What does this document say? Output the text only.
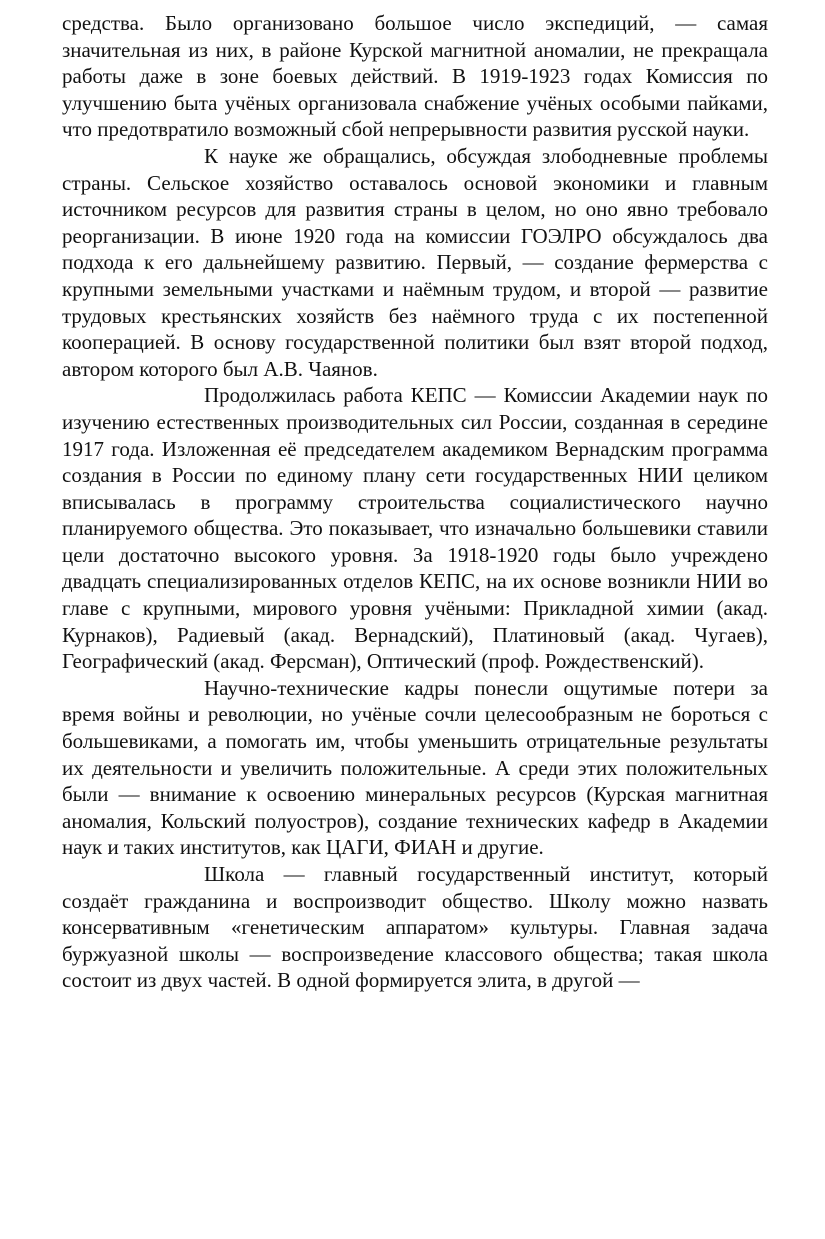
средства. Было организовано большое число экспедиций, — самая значительная из них, в районе Курской магнитной аномалии, не прекращала работы даже в зоне боевых действий. В 1919-1923 годах Комиссия по улучшению быта учёных организовала снабжение учёных особыми пайками, что предотвратило возможный сбой непрерывности развития русской науки.

К науке же обращались, обсуждая злободневные проблемы страны. Сельское хозяйство оставалось основой экономики и главным источником ресурсов для развития страны в целом, но оно явно требовало реорганизации. В июне 1920 года на комиссии ГОЭЛРО обсуждалось два подхода к его дальнейшему развитию. Первый, — создание фермерства с крупными земельными участками и наёмным трудом, и второй — развитие трудовых крестьянских хозяйств без наёмного труда с их постепенной кооперацией. В основу государственной политики был взят второй подход, автором которого был А.В. Чаянов.

Продолжилась работа КЕПС — Комиссии Академии наук по изучению естественных производительных сил России, созданная в середине 1917 года. Изложенная её председателем академиком Вернадским программа создания в России по единому плану сети государственных НИИ целиком вписывалась в программу строительства социалистического научно планируемого общества. Это показывает, что изначально большевики ставили цели достаточно высокого уровня. За 1918-1920 годы было учреждено двадцать специализированных отделов КЕПС, на их основе возникли НИИ во главе с крупными, мирового уровня учёными: Прикладной химии (акад. Курнаков), Радиевый (акад. Вернадский), Платиновый (акад. Чугаев), Географический (акад. Ферсман), Оптический (проф. Рождественский).

Научно-технические кадры понесли ощутимые потери за время войны и революции, но учёные сочли целесообразным не бороться с большевиками, а помогать им, чтобы уменьшить отрицательные результаты их деятельности и увеличить положительные. А среди этих положительных были — внимание к освоению минеральных ресурсов (Курская магнитная аномалия, Кольский полуостров), создание технических кафедр в Академии наук и таких институтов, как ЦАГИ, ФИАН и другие.

Школа — главный государственный институт, который создаёт гражданина и воспроизводит общество. Школу можно назвать консервативным «генетическим аппаратом» культуры. Главная задача буржуазной школы — воспроизведение классового общества; такая школа состоит из двух частей. В одной формируется элита, в другой —
